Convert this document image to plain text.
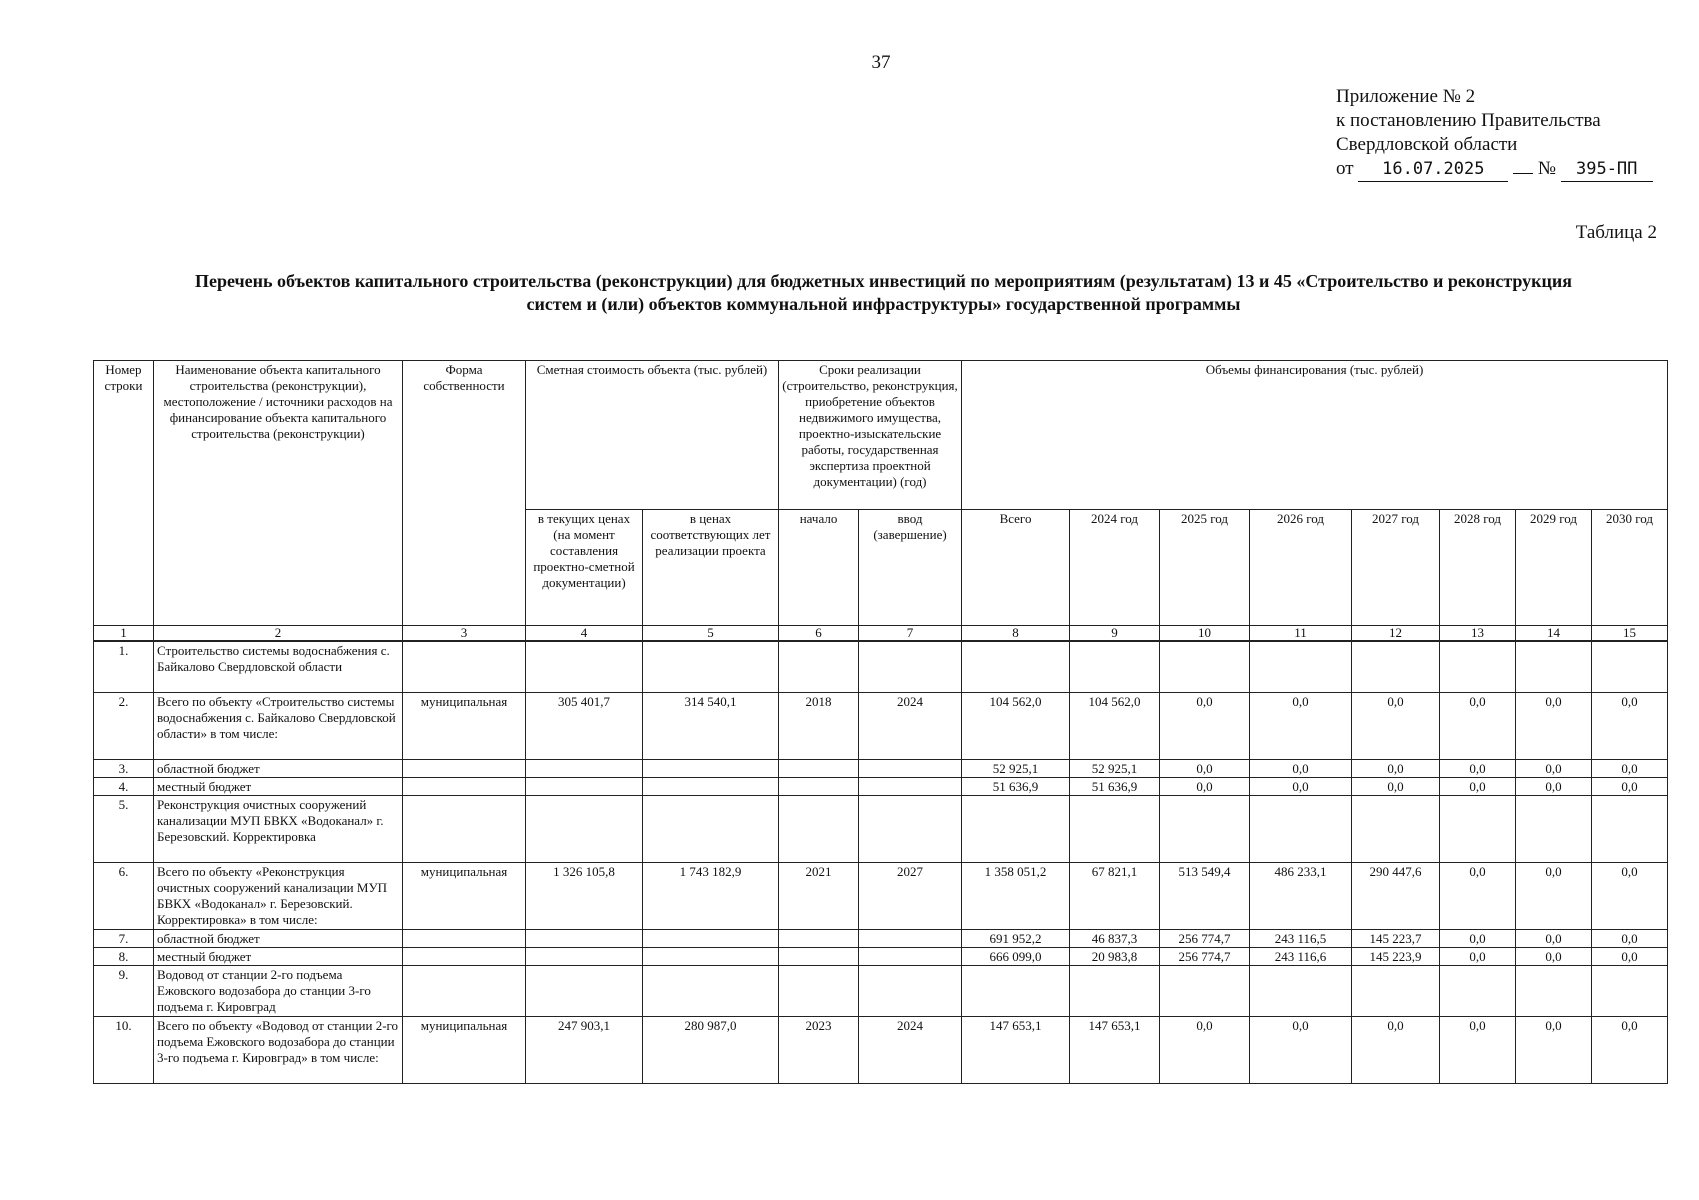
37
Приложение № 2
к постановлению Правительства
Свердловской области
от 16.07.2025	№ 395-ПП
Таблица 2
Перечень объектов капитального строительства (реконструкции) для бюджетных инвестиций по мероприятиям (результатам) 13 и 45 «Строительство и реконструкция
систем и (или) объектов коммунальной инфраструктуры» государственной программы
Номер строки	Наименование объекта капитального строительства (реконструкции), местоположение / источники расходов на финансирование объекта капитального строительства (реконструкции)	Форма собственности	Сметная стоимость объекта (тыс. рублей)		Сроки реализации (строительство, реконструкция, приобретение объектов недвижимого имущества, проектно-изыскательские работы, государственная экспертиза проектной документации) (год)		Объемы финансирования (тыс. рублей)							
			в текущих ценах (на момент составления проектно-сметной документации)	в ценах соответствующих лет реализации проекта	начало	ввод (завершение)	Всего	2024 год	2025 год	2026 год	2027 год	2028 год	2029 год	2030 год
1	2	3	4	5	6	7	8	9	10	11	12	13	14	15
1.	Строительство системы водоснабжения с. Байкалово Свердловской области													
2.	Всего по объекту «Строительство системы водоснабжения с. Байкалово Свердловской области» в том числе:	муниципальная	305 401,7	314 540,1	2018	2024	104 562,0	104 562,0	0,0	0,0	0,0	0,0	0,0	0,0
3.	областной бюджет						52 925,1	52 925,1	0,0	0,0	0,0	0,0	0,0	0,0
4.	местный бюджет						51 636,9	51 636,9	0,0	0,0	0,0	0,0	0,0	0,0
5.	Реконструкция очистных сооружений канализации МУП БВКХ «Водоканал» г. Березовский. Корректировка													
6.	Всего по объекту «Реконструкция очистных сооружений канализации МУП БВКХ «Водоканал» г. Березовский. Корректировка» в том числе:	муниципальная	1 326 105,8	1 743 182,9	2021	2027	1 358 051,2	67 821,1	513 549,4	486 233,1	290 447,6	0,0	0,0	0,0
7.	областной бюджет						691 952,2	46 837,3	256 774,7	243 116,5	145 223,7	0,0	0,0	0,0
8.	местный бюджет						666 099,0	20 983,8	256 774,7	243 116,6	145 223,9	0,0	0,0	0,0
9.	Водовод от станции 2-го подъема Ежовского водозабора до станции 3-го подъема г. Кировград													
10.	Всего по объекту «Водовод от станции 2-го подъема Ежовского водозабора до станции 3-го подъема г. Кировград» в том числе:	муниципальная	247 903,1	280 987,0	2023	2024	147 653,1	147 653,1	0,0	0,0	0,0	0,0	0,0	0,0
